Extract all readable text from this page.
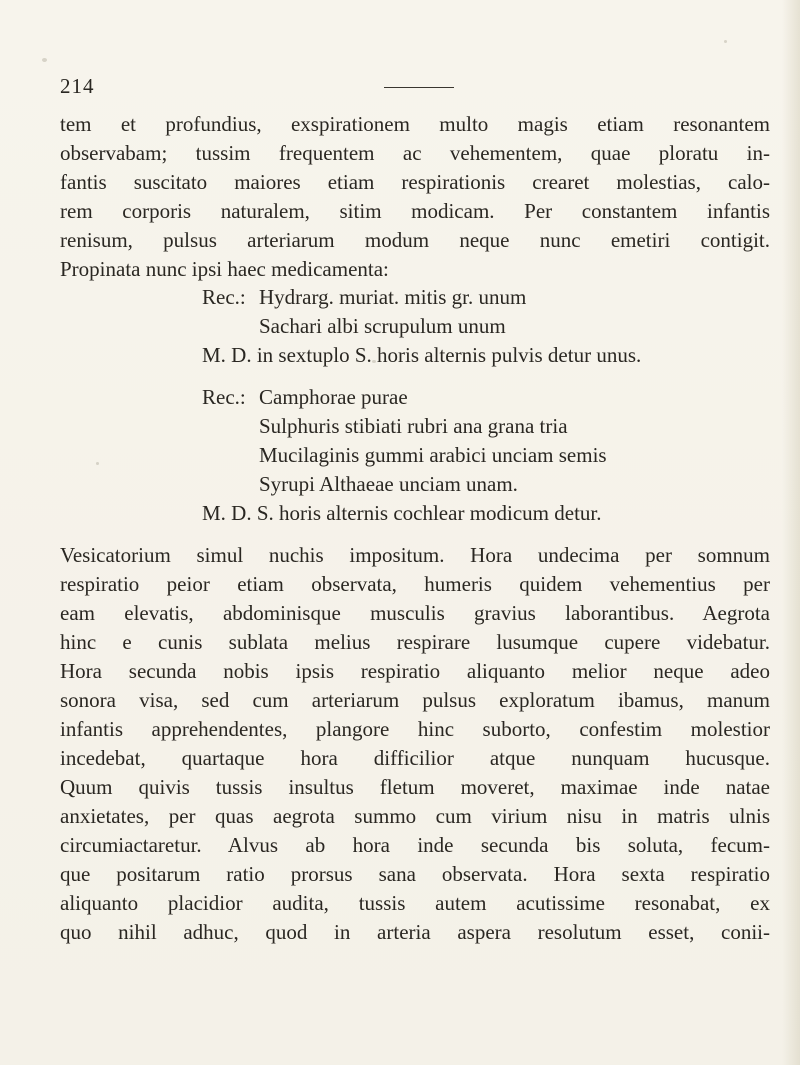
214
tem et profundius, exspirationem multo magis etiam resonantem
observabam; tussim frequentem ac vehementem, quae ploratu in-
fantis suscitato maiores etiam respirationis crearet molestias, calo-
rem corporis naturalem, sitim modicam. Per constantem infantis
renisum, pulsus arteriarum modum neque nunc emetiri contigit.
Propinata nunc ipsi haec medicamenta:
Rec.: Hydrarg. muriat. mitis gr. unum
Sachari albi scrupulum unum
M. D. in sextuplo S. horis alternis pulvis detur unus.
Rec.: Camphorae purae
Sulphuris stibiati rubri ana grana tria
Mucilaginis gummi arabici unciam semis
Syrupi Althaeae unciam unam.
M. D. S. horis alternis cochlear modicum detur.
Vesicatorium simul nuchis impositum. Hora undecima per somnum
respiratio peior etiam observata, humeris quidem vehementius per
eam elevatis, abdominisque musculis gravius laborantibus. Aegrota
hinc e cunis sublata melius respirare lusumque cupere videbatur.
Hora secunda nobis ipsis respiratio aliquanto melior neque adeo
sonora visa, sed cum arteriarum pulsus exploratum ibamus, manum
infantis apprehendentes, plangore hinc suborto, confestim molestior
incedebat, quartaque hora difficilior atque nunquam hucusque.
Quum quivis tussis insultus fletum moveret, maximae inde natae
anxietates, per quas aegrota summo cum virium nisu in matris ulnis
circumiactaretur. Alvus ab hora inde secunda bis soluta, fecum-
que positarum ratio prorsus sana observata. Hora sexta respiratio
aliquanto placidior audita, tussis autem acutissime resonabat, ex
quo nihil adhuc, quod in arteria aspera resolutum esset, conii-
